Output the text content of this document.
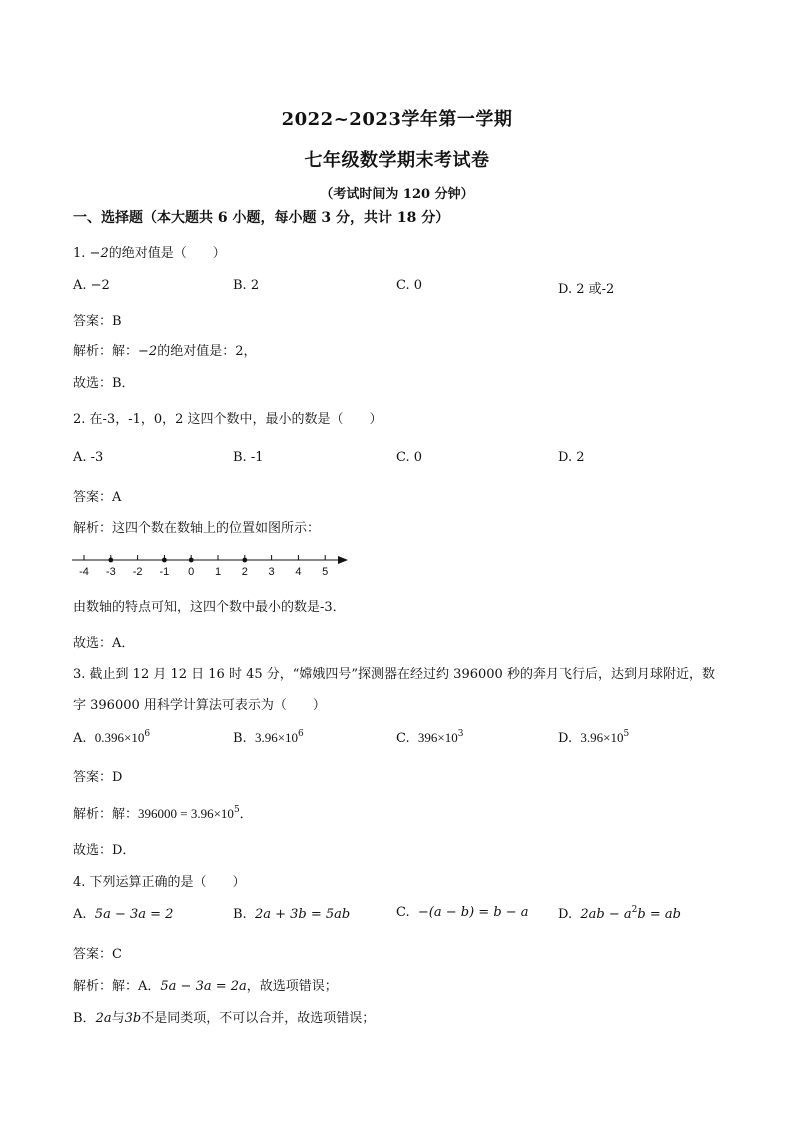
2022~2023学年第一学期
七年级数学期末考试卷
（考试时间为 120 分钟）
一、选择题（本大题共 6 小题，每小题 3 分，共计 18 分）
1. −2的绝对值是（　　）
A. −2	B. 2	C. 0	D. 2 或-2
答案：B
解析：解：−2的绝对值是：2，
故选：B．
2. 在-3，-1，0，2 这四个数中，最小的数是（　　）
A. -3	B. -1	C. 0	D. 2
答案：A
解析：这四个数在数轴上的位置如图所示：
-4 -3 -2 -1 0 1 2 3 4 5
由数轴的特点可知，这四个数中最小的数是-3．
故选：A．
3. 截止到 12 月 12 日 16 时 45 分，“嫦娥四号”探测器在经过约 396000 秒的奔月飞行后，达到月球附近，数
字 396000 用科学计算法可表示为（　　）
A. $0.396\times 10^6$	B. $3.96\times 10^6$	C. $396\times 10^3$	D. $3.96\times 10^5$
答案：D
解析：解：$396000 = 3.96\times 10^5$．
故选：D．
4. 下列运算正确的是（　　）
A. 5a − 3a = 2	B. 2a + 3b = 5ab	C. −(a − b) = b − a D. $2ab - a^2b$ = ab
答案：C
解析：解：A．5a − 3a = 2a，故选项错误；
B．2a与3b不是同类项，不可以合并，故选项错误；
